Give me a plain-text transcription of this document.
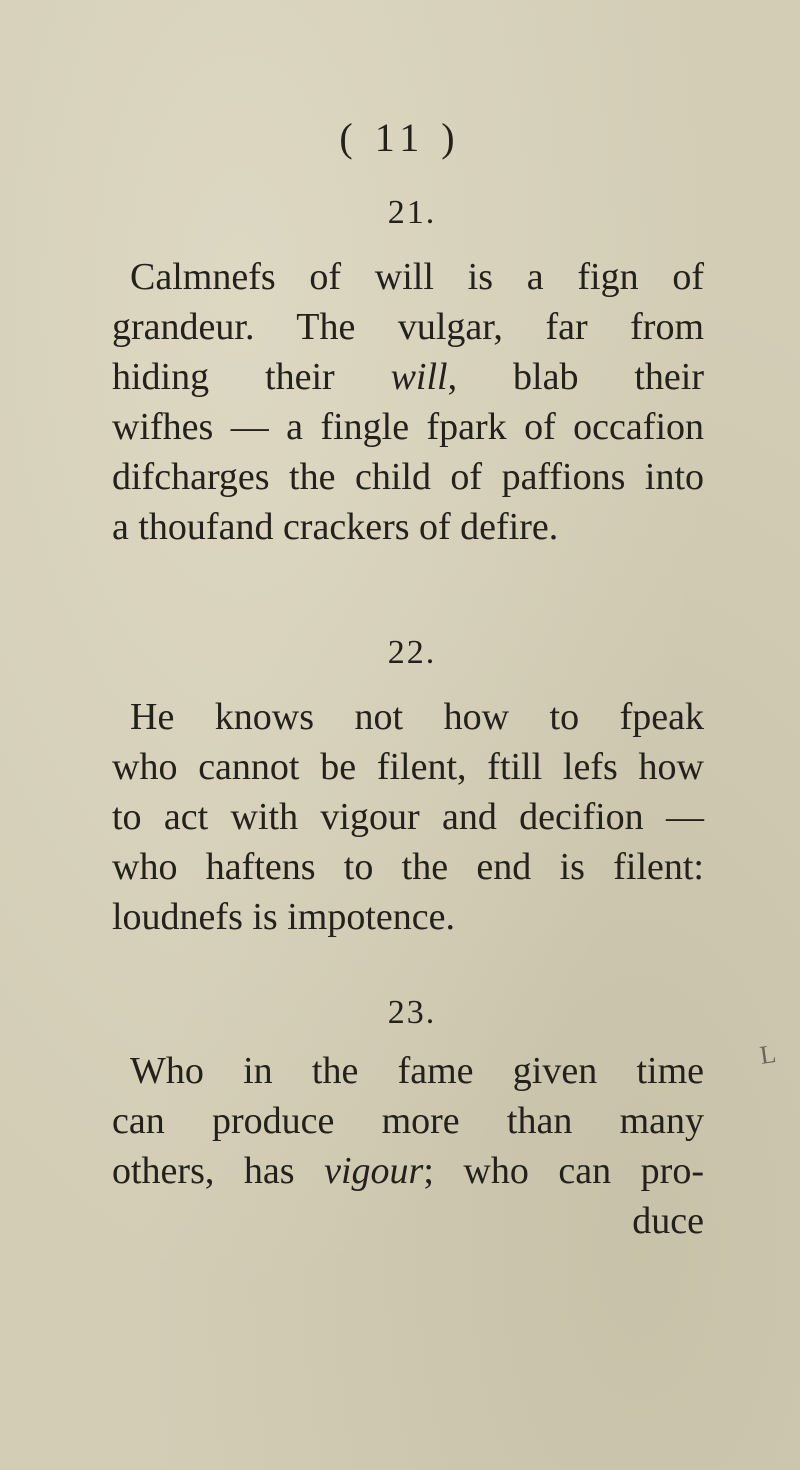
( 11 )
21.
Calmnefs of will is a fign of
grandeur. The vulgar, far from
hiding their will, blab their
wifhes — a fingle fpark of occafion
difcharges the child of paffions into
a thoufand crackers of defire.
22.
He knows not how to fpeak
who cannot be filent, ftill lefs how
to act with vigour and decifion —
who haftens to the end is filent:
loudnefs is impotence.
23.
Who in the fame given time
can produce more than many
others, has vigour; who can pro-
duce
L
